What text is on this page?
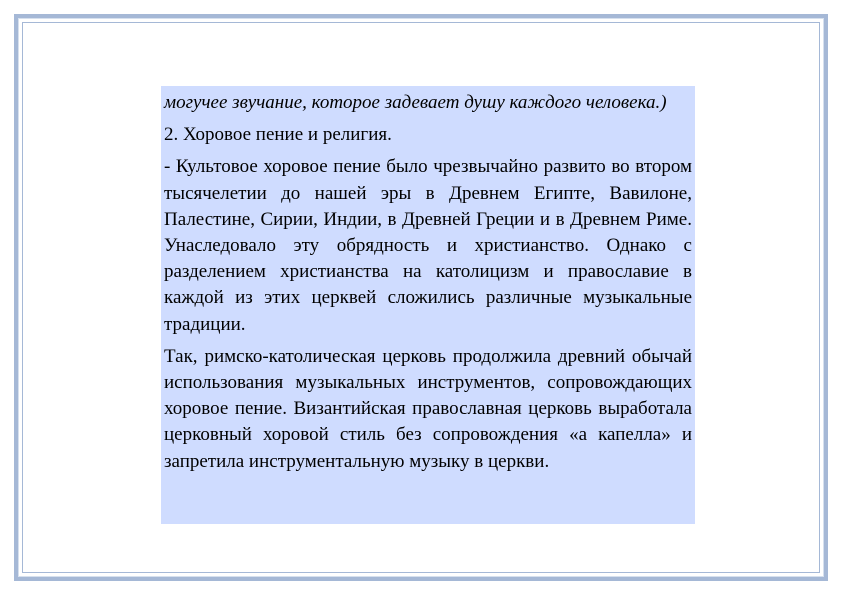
могучее звучание, которое задевает душу каждого человека.)

2. Хоровое пение и религия.

- Культовое хоровое пение было чрезвычайно развито во втором тысячелетии до нашей эры в Древнем Египте, Вавилоне, Палестине, Сирии, Индии, в Древней Греции и в Древнем Риме. Унаследовало эту обрядность и христианство. Однако с разделением христианства на католицизм и православие в каждой из этих церквей сложились различные музыкальные традиции.

Так, римско-католическая церковь продолжила древний обычай использования музыкальных инструментов, сопровождающих хоровое пение. Византийская православная церковь выработала церковный хоровой стиль без сопровождения «а капелла» и запретила инструментальную музыку в церкви.
